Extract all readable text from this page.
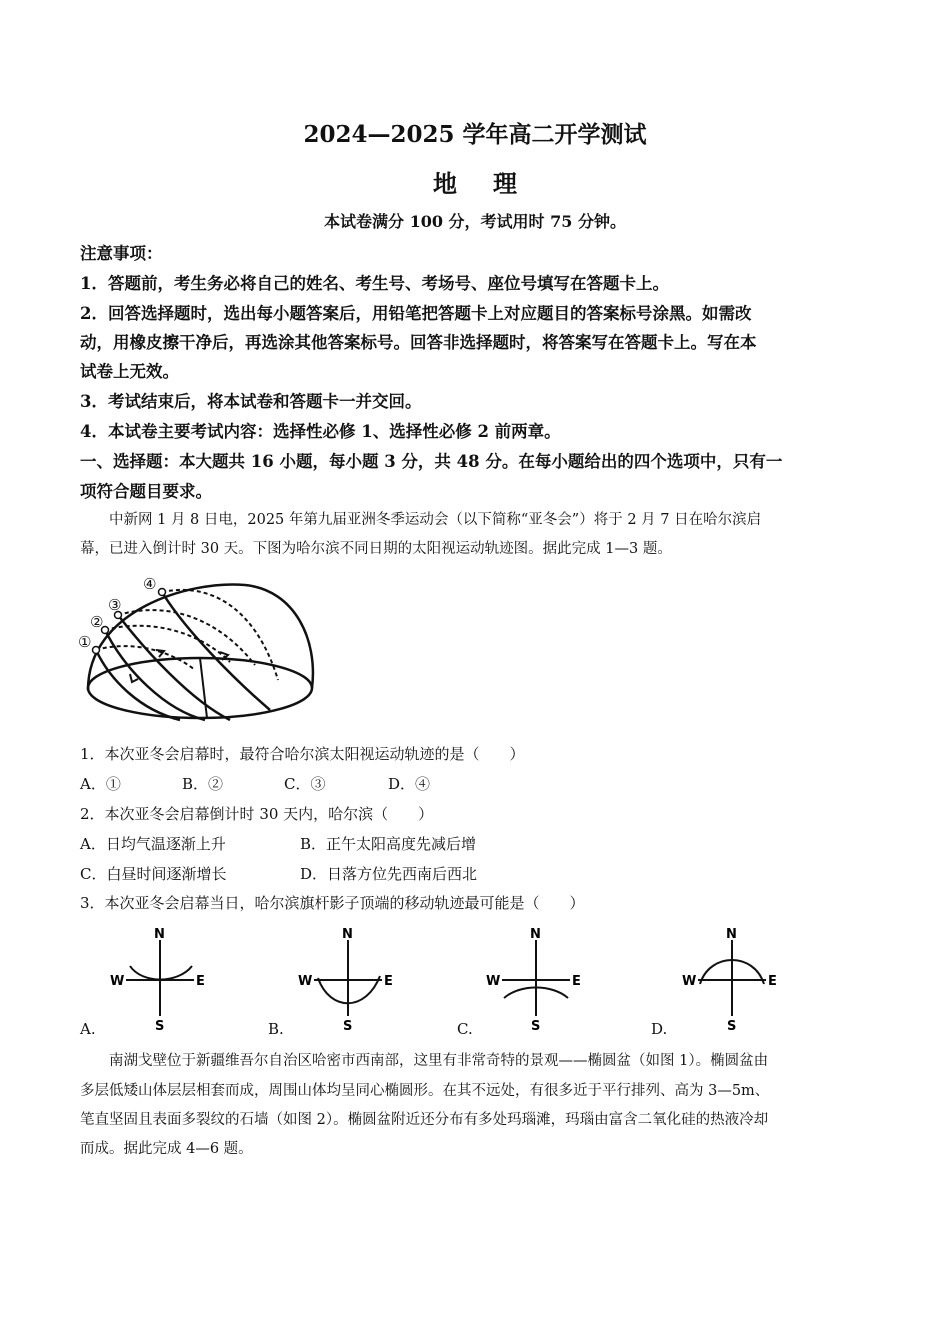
2024—2025 学年高二开学测试
地 理
本试卷满分 100 分，考试用时 75 分钟。
注意事项：
1．答题前，考生务必将自己的姓名、考生号、考场号、座位号填写在答题卡上。
2．回答选择题时，选出每小题答案后，用铅笔把答题卡上对应题目的答案标号涂黑。如需改
动，用橡皮擦干净后，再选涂其他答案标号。回答非选择题时，将答案写在答题卡上。写在本
试卷上无效。
3．考试结束后，将本试卷和答题卡一并交回。
4．本试卷主要考试内容：选择性必修 1、选择性必修 2 前两章。
一、选择题：本大题共 16 小题，每小题 3 分，共 48 分。在每小题给出的四个选项中，只有一
项符合题目要求。
　　中新网 1 月 8 日电，2025 年第九届亚洲冬季运动会（以下简称“亚冬会”）将于 2 月 7 日在哈尔滨启
幕，已进入倒计时 30 天。下图为哈尔滨不同日期的太阳视运动轨迹图。据此完成 1—3 题。
①
②
③
④
1．本次亚冬会启幕时，最符合哈尔滨太阳视运动轨迹的是（　　）
A．①	B．②	C．③	D．④
2．本次亚冬会启幕倒计时 30 天内，哈尔滨（　　）
A．日均气温逐渐上升	B．正午太阳高度先减后增
C．白昼时间逐渐增长	D．日落方位先西南后西北
3．本次亚冬会启幕当日，哈尔滨旗杆影子顶端的移动轨迹最可能是（　　）
A.	B.	C.	D.
N
S
W	E
N
S
W	E
N
S
W	E
N
S
W	E
　　南湖戈壁位于新疆维吾尔自治区哈密市西南部，这里有非常奇特的景观——椭圆盆（如图 1）。椭圆盆由
多层低矮山体层层相套而成，周围山体均呈同心椭圆形。在其不远处，有很多近于平行排列、高为 3—5m、
笔直坚固且表面多裂纹的石墙（如图 2）。椭圆盆附近还分布有多处玛瑙滩，玛瑙由富含二氧化硅的热液冷却
而成。据此完成 4—6 题。
